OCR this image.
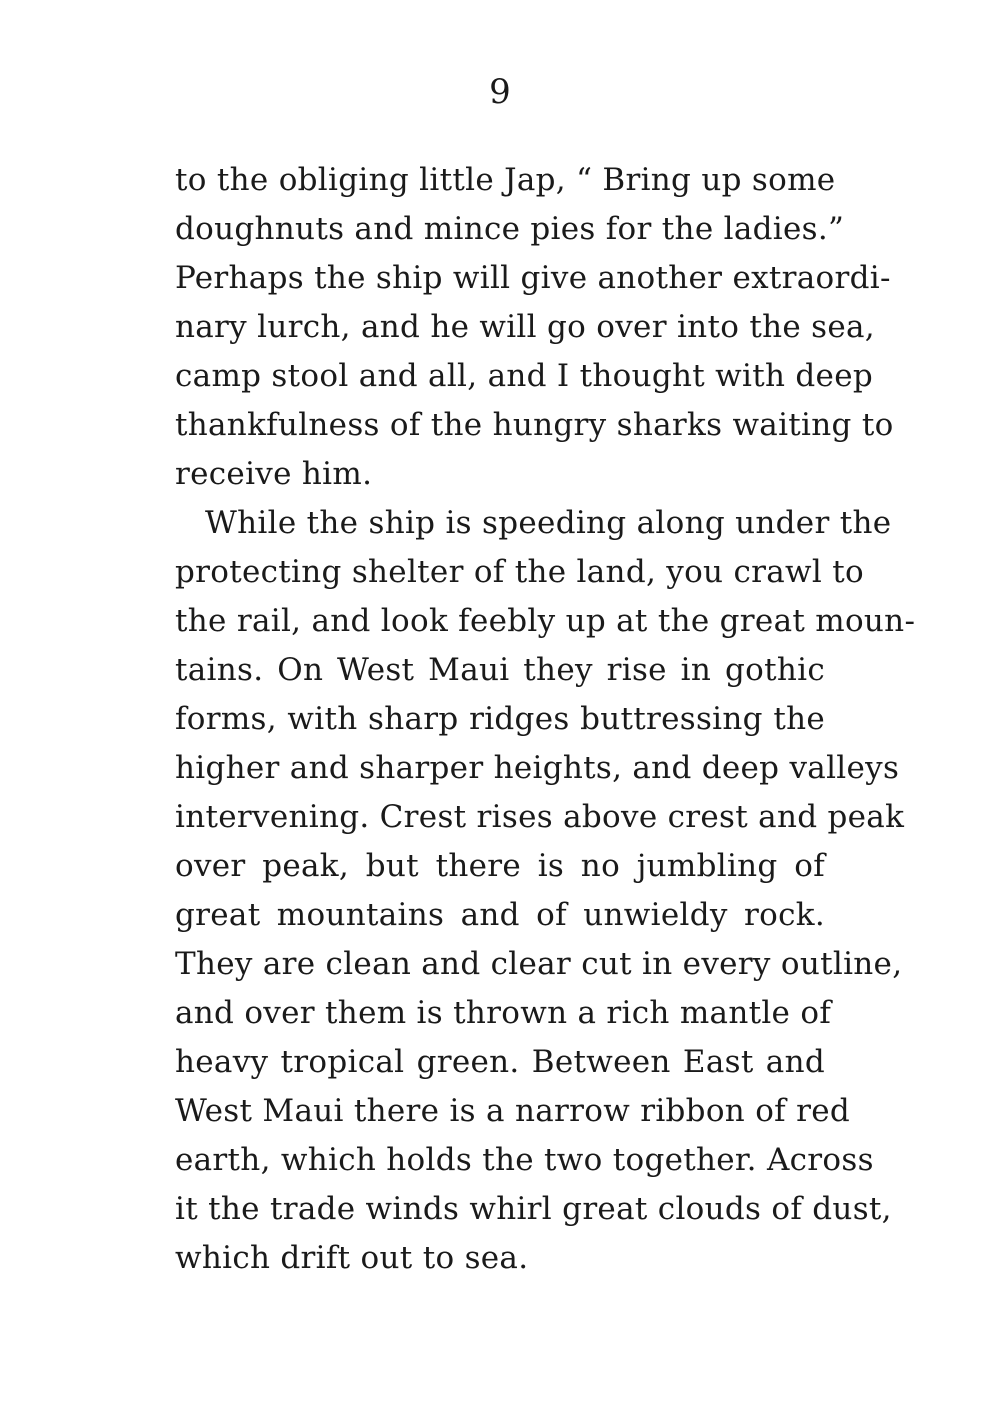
9
to the obliging little Jap, “ Bring up some
doughnuts and mince pies for the ladies.”
Perhaps the ship will give another extraordi-
nary lurch, and he will go over into the sea,
camp stool and all, and I thought with deep
thankfulness of the hungry sharks waiting to
receive him.
While the ship is speeding along under the
protecting shelter of the land, you crawl to
the rail, and look feebly up at the great moun-
tains. On West Maui they rise in gothic
forms, with sharp ridges buttressing the
higher and sharper heights, and deep valleys
intervening. Crest rises above crest and peak
over peak, but there is no jumbling of
great mountains and of unwieldy rock.
They are clean and clear cut in every outline,
and over them is thrown a rich mantle of
heavy tropical green. Between East and
West Maui there is a narrow ribbon of red
earth, which holds the two together. Across
it the trade winds whirl great clouds of dust,
which drift out to sea.
